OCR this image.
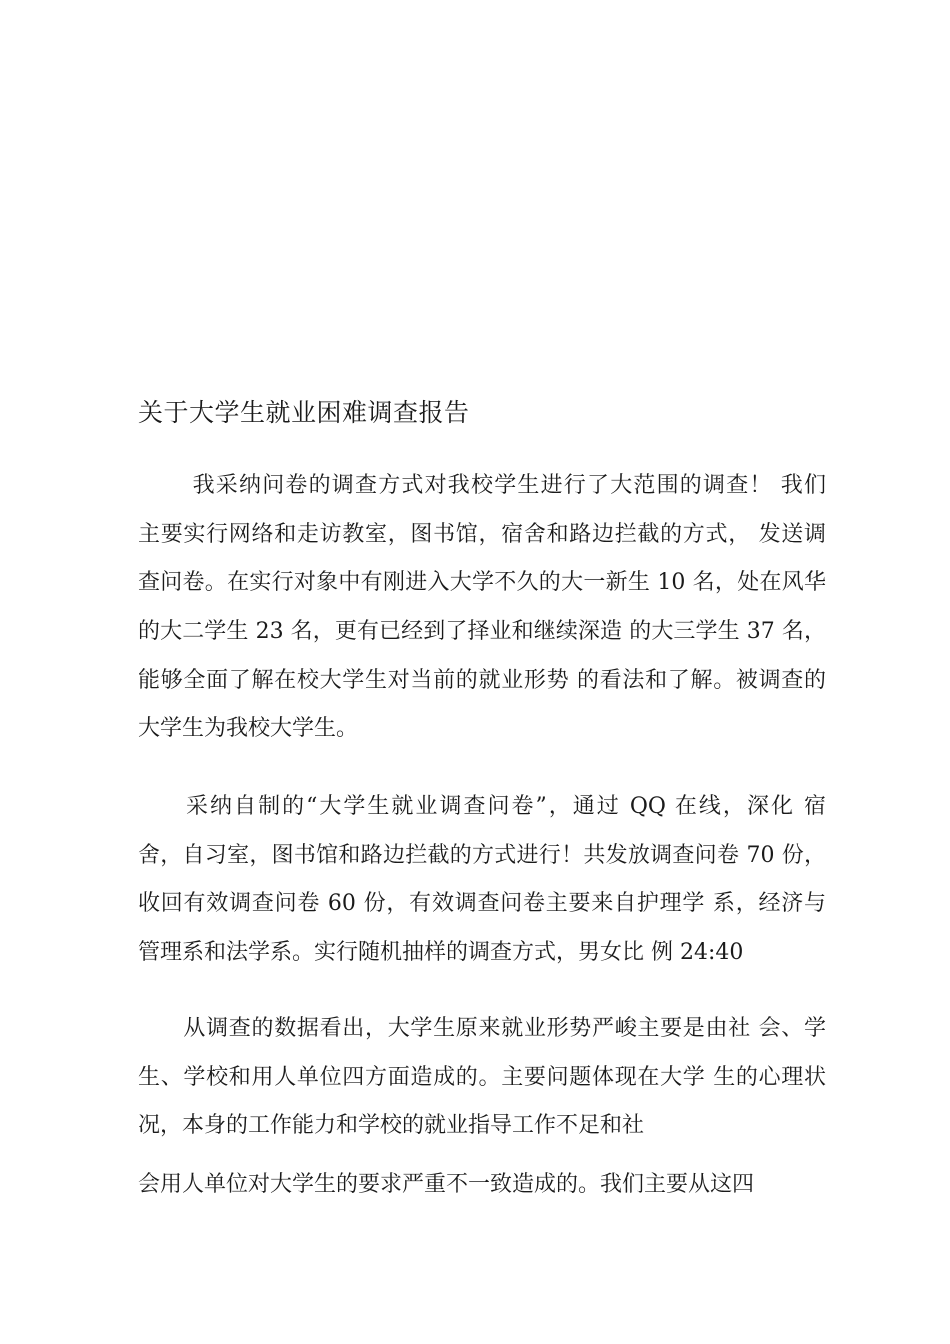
关于大学生就业困难调查报告
　　 我采纳问卷的调查方式对我校学生进行了大范围的调查！ 我们
主要实行网络和走访教室，图书馆，宿舍和路边拦截的方式， 发送调
查问卷。在实行对象中有刚进入大学不久的大一新生 10 名，处在风华
的大二学生 23 名，更有已经到了择业和继续深造 的大三学生 37 名，
能够全面了解在校大学生对当前的就业形势 的看法和了解。被调查的
大学生为我校大学生。
　　采纳自制的“大学生就业调查问卷”，通过 QQ 在线，深化 宿
舍，自习室，图书馆和路边拦截的方式进行！共发放调查问卷 70 份，
收回有效调查问卷 60 份，有效调查问卷主要来自护理学 系，经济与
管理系和法学系。实行随机抽样的调查方式，男女比 例 24:40
　　从调查的数据看出，大学生原来就业形势严峻主要是由社 会、学
生、学校和用人单位四方面造成的。主要问题体现在大学 生的心理状
况，本身的工作能力和学校的就业指导工作不足和社
会用人单位对大学生的要求严重不一致造成的。我们主要从这四
